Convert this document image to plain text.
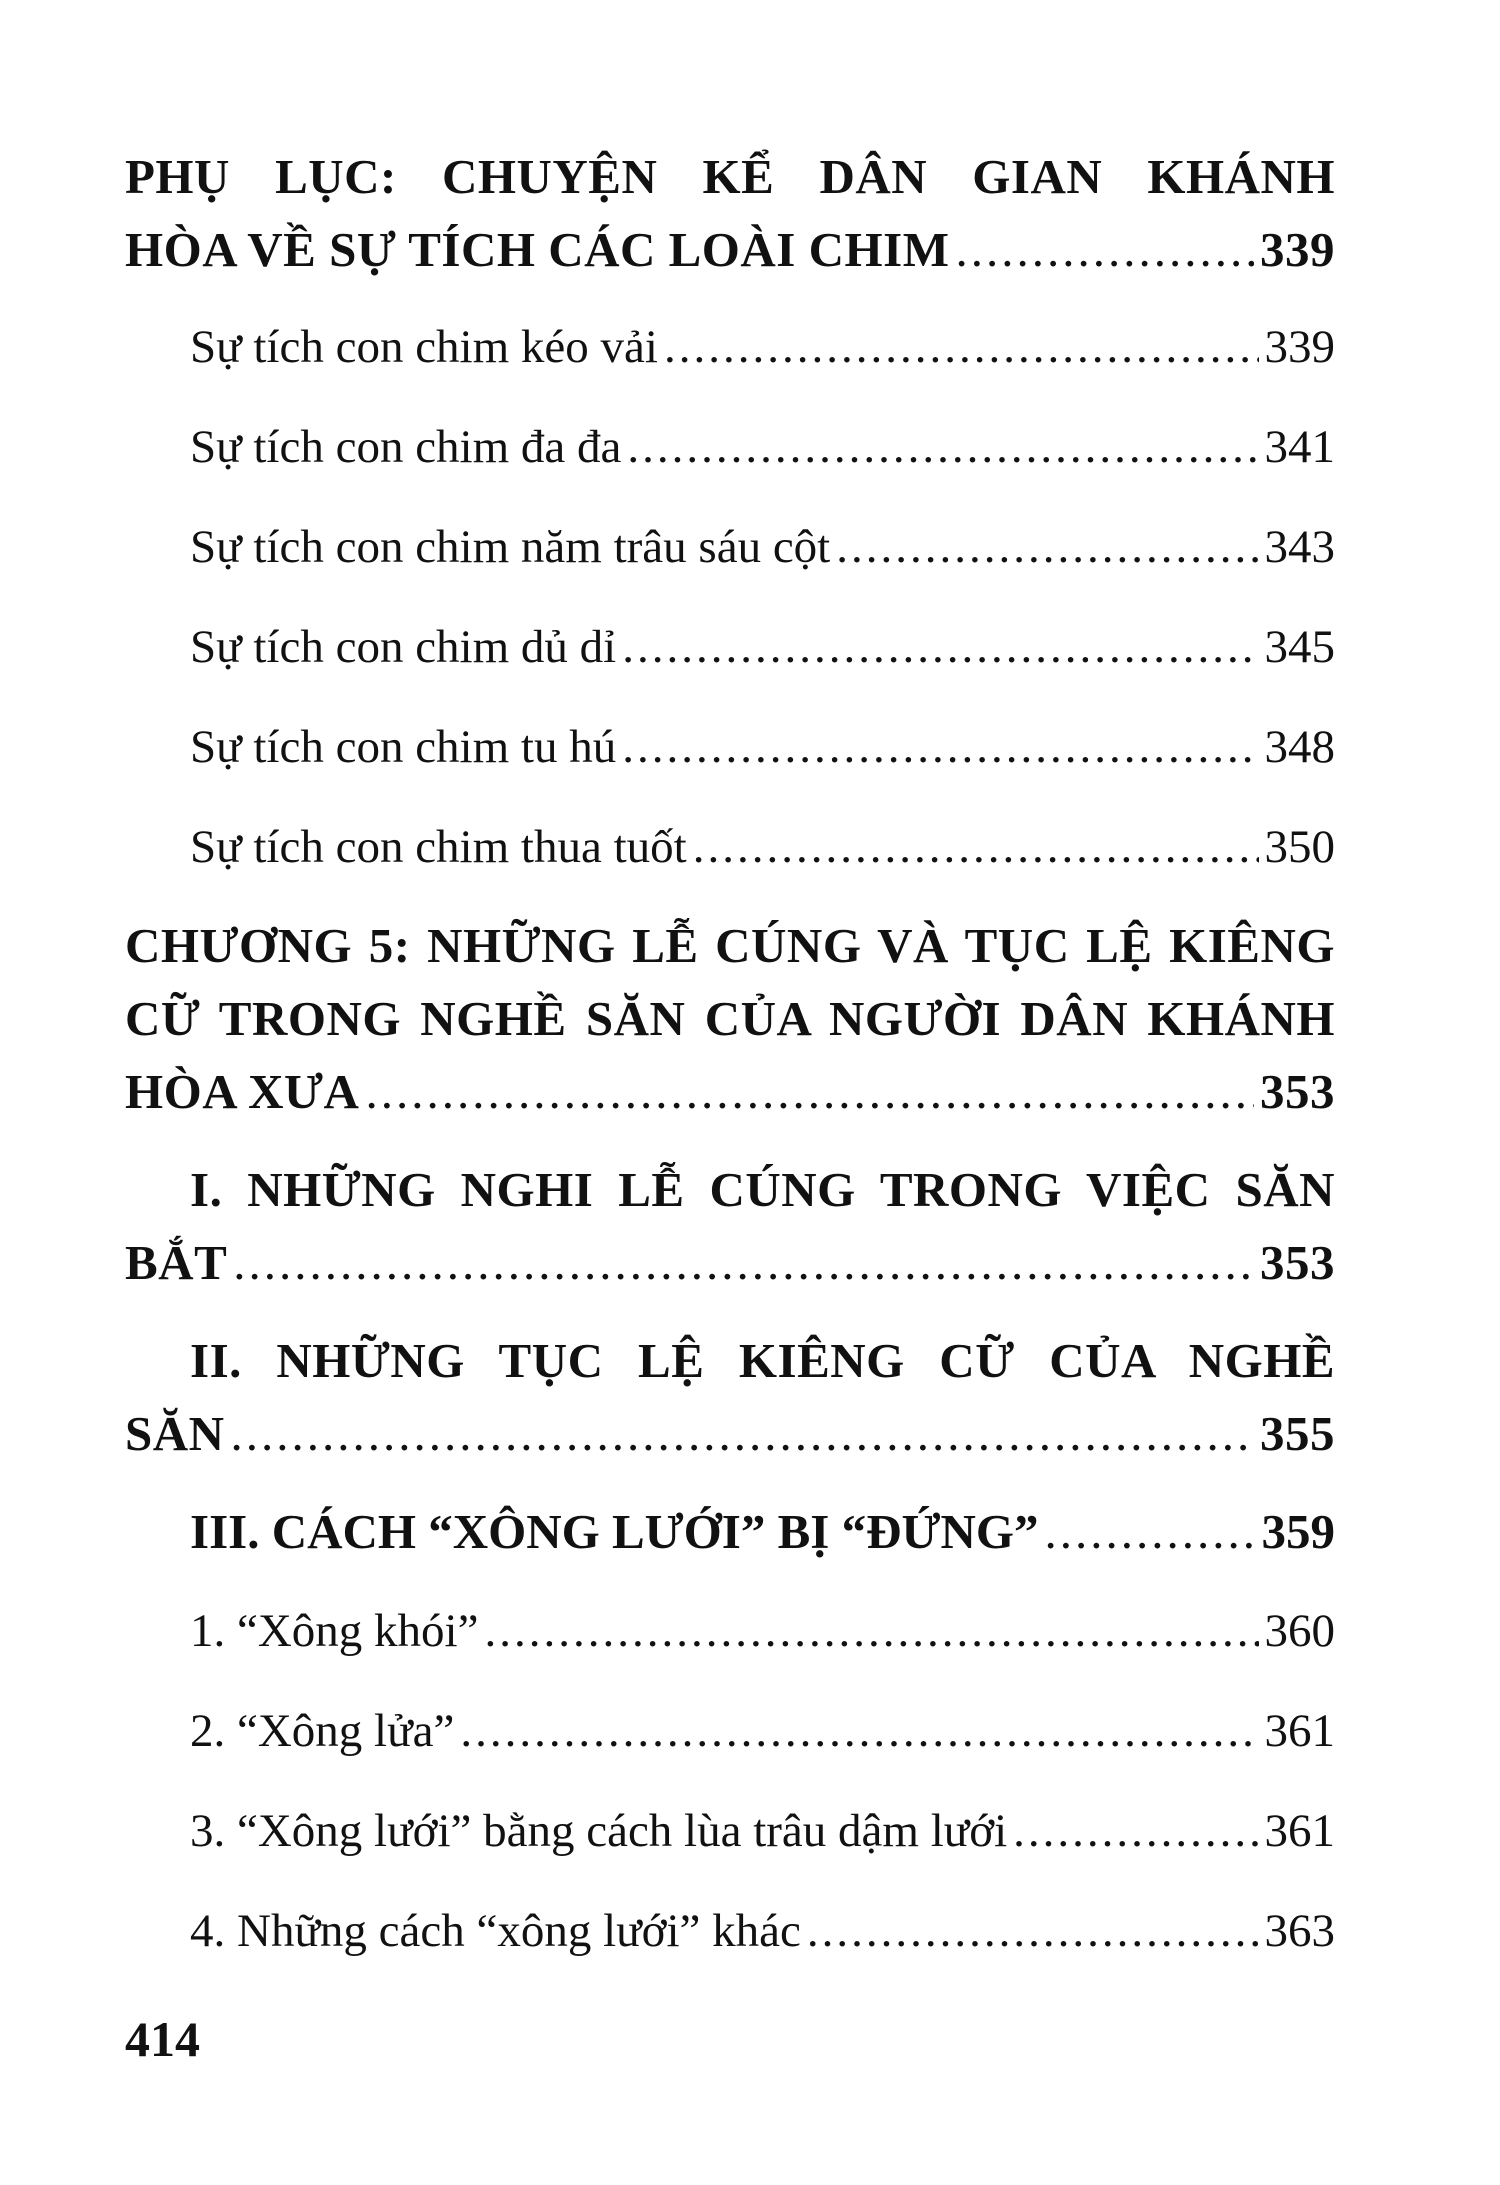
PHỤ LỤC: CHUYỆN KỂ DÂN GIAN KHÁNH
HÒA VỀ SỰ TÍCH CÁC LOÀI CHIM .....	339
Sự tích con chim kéo vải .....	339
Sự tích con chim đa đa .....	341
Sự tích con chim năm trâu sáu cột .....	343
Sự tích con chim dủ dỉ .....	345
Sự tích con chim tu hú .....	348
Sự tích con chim thua tuốt .....	350
CHƯƠNG 5: NHỮNG LỄ CÚNG VÀ TỤC LỆ KIÊNG
CỮ TRONG NGHỀ SĂN CỦA NGƯỜI DÂN KHÁNH
HÒA XƯA .....	353
I. NHỮNG NGHI LỄ CÚNG TRONG VIỆC SĂN
BẮT .....	353
II. NHỮNG TỤC LỆ KIÊNG CỮ CỦA NGHỀ
SĂN .....	355
III. CÁCH “XÔNG LƯỚI” BỊ “ĐỨNG” .....	359
1. “Xông khói” .....	360
2. “Xông lửa” .....	361
3. “Xông lưới” bằng cách lùa trâu dậm lưới .....	361
4. Những cách “xông lưới” khác .....	363
414
